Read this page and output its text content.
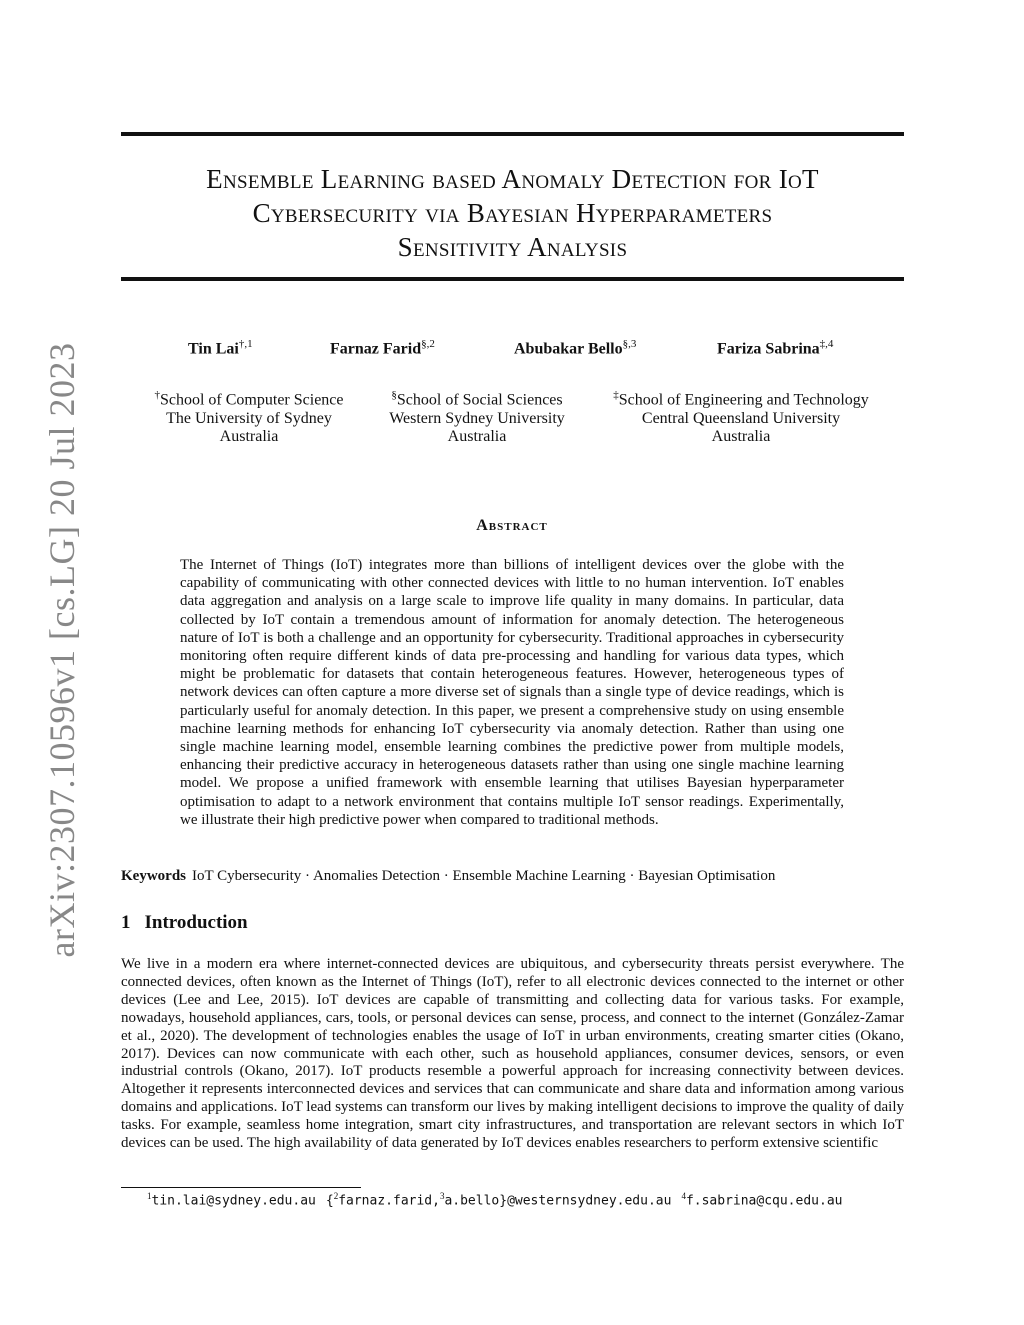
arXiv:2307.10596v1 [cs.LG] 20 Jul 2023
Ensemble Learning based Anomaly Detection for IoT
Cybersecurity via Bayesian Hyperparameters
Sensitivity Analysis
Tin Lai$^{\dagger,1}$	Farnaz Farid$^{\S,2}$	Abubakar Bello$^{\S,3}$	Fariza Sabrina$^{\ddagger,4}$
†School of Computer Science
The University of Sydney
Australia
§School of Social Sciences
Western Sydney University
Australia
‡School of Engineering and Technology
Central Queensland University
Australia
Abstract

The Internet of Things (IoT) integrates more than billions of intelligent devices over the globe with the capability of communicating with other connected devices with little to no human intervention. IoT enables data aggregation and analysis on a large scale to improve life quality in many domains. In particular, data collected by IoT contain a tremendous amount of information for anomaly detection. The heterogeneous nature of IoT is both a challenge and an opportunity for cybersecurity. Traditional approaches in cybersecurity monitoring often require different kinds of data pre-processing and handling for various data types, which might be problematic for datasets that contain heterogeneous features. However, heterogeneous types of network devices can often capture a more diverse set of signals than a single type of device readings, which is particularly useful for anomaly detection. In this paper, we present a comprehensive study on using ensemble machine learning methods for enhancing IoT cybersecurity via anomaly detection. Rather than using one single machine learning model, ensemble learning combines the predictive power from multiple models, enhancing their predictive accuracy in heterogeneous datasets rather than using one single machine learning model. We propose a unified framework with ensemble learning that utilises Bayesian hyperparameter optimisation to adapt to a network environment that contains multiple IoT sensor readings. Experimentally, we illustrate their high predictive power when compared to traditional methods.

Keywords IoT Cybersecurity · Anomalies Detection · Ensemble Machine Learning · Bayesian Optimisation
1 Introduction

We live in a modern era where internet-connected devices are ubiquitous, and cybersecurity threats persist everywhere. The connected devices, often known as the Internet of Things (IoT), refer to all electronic devices connected to the internet or other devices (Lee and Lee, 2015). IoT devices are capable of transmitting and collecting data for various tasks. For example, nowadays, household appliances, cars, tools, or personal devices can sense, process, and connect to the internet (González-Zamar et al., 2020). The development of technologies enables the usage of IoT in urban environments, creating smarter cities (Okano, 2017). Devices can now communicate with each other, such as household appliances, consumer devices, sensors, or even industrial controls (Okano, 2017). IoT products resemble a powerful approach for increasing connectivity between devices. Altogether it represents interconnected devices and services that can communicate and share data and information among various domains and applications. IoT lead systems can transform our lives by making intelligent decisions to improve the quality of daily tasks. For example, seamless home integration, smart city infrastructures, and transportation are relevant sectors in which IoT devices can be used. The high availability of data generated by IoT devices enables researchers to perform extensive scientific

$^1$tin.lai@sydney.edu.au {$^2$farnaz.farid,$^3$a.bello}@westernsydney.edu.au $^4$f.sabrina@cqu.edu.au
